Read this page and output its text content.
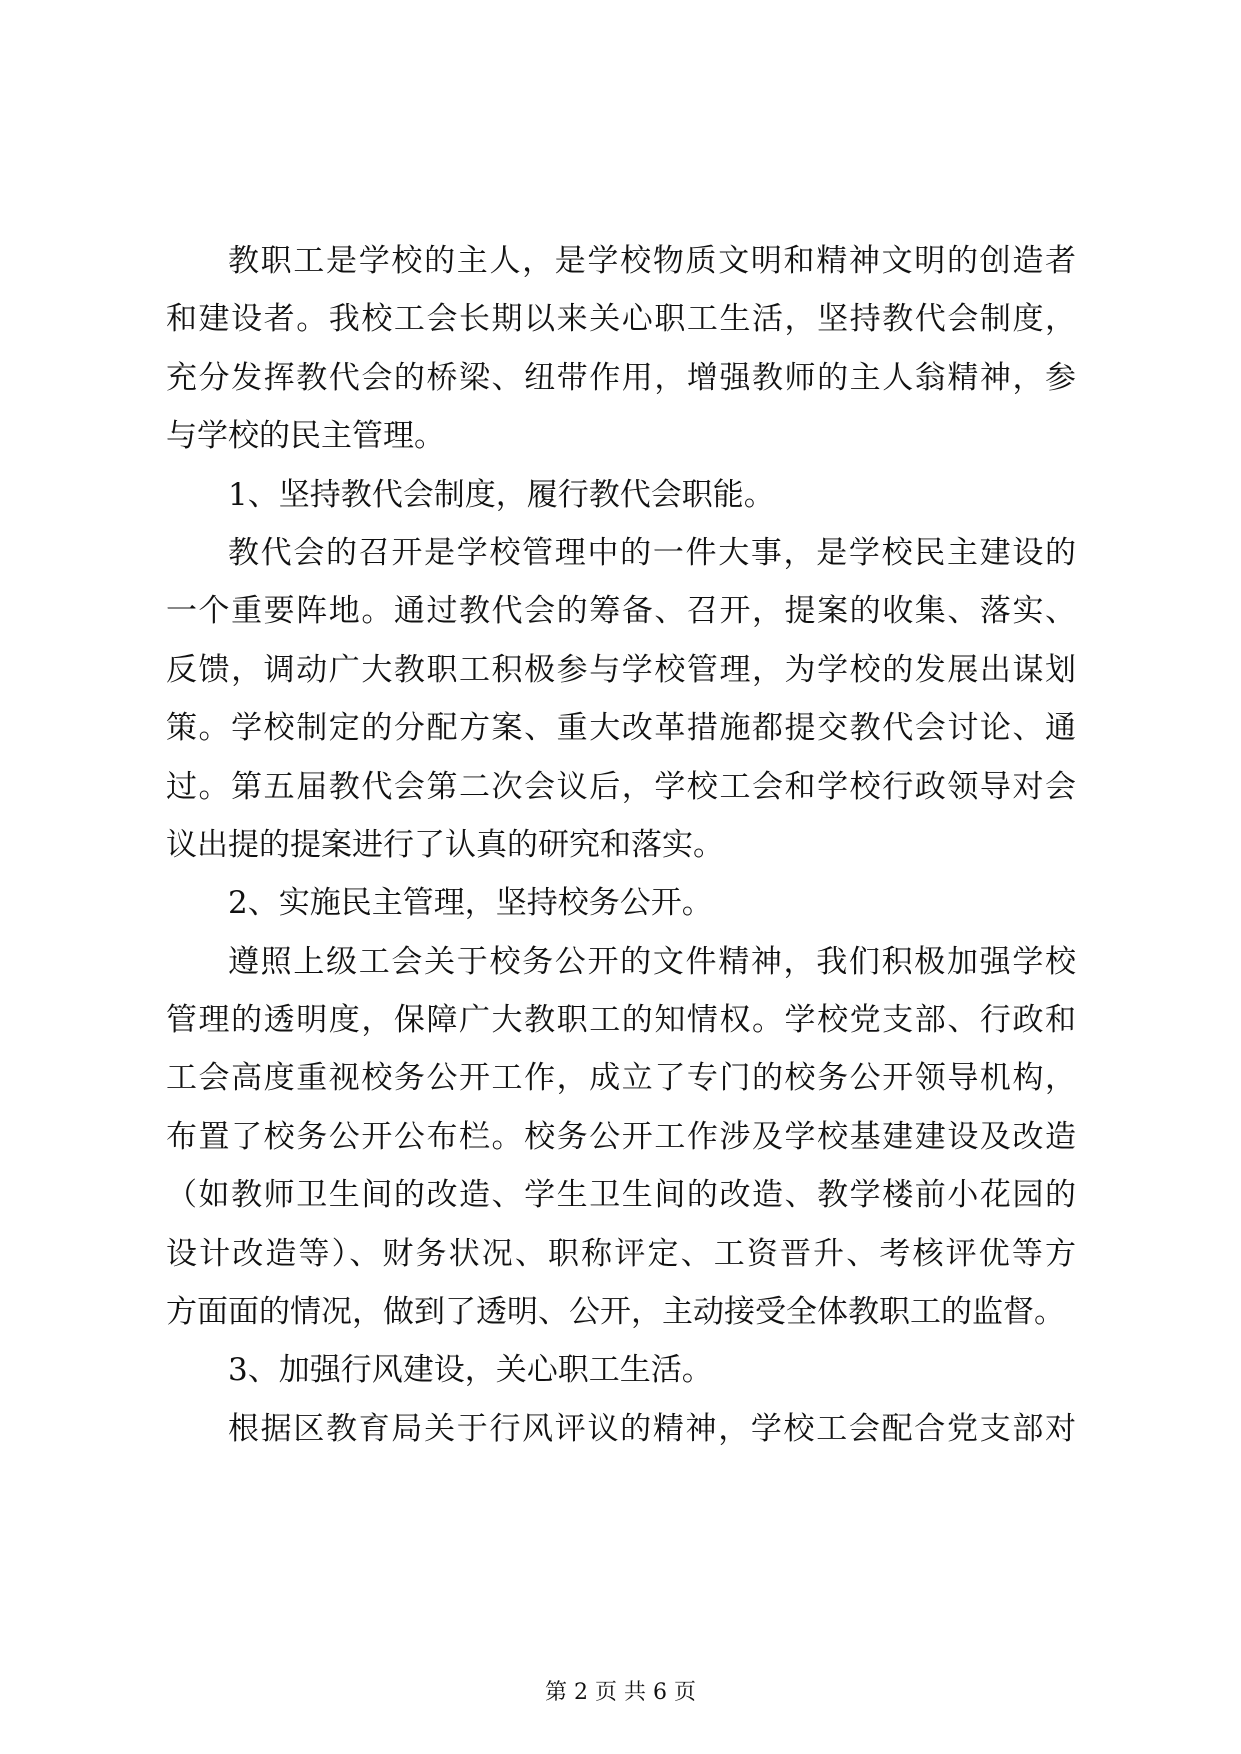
教职工是学校的主人，是学校物质文明和精神文明的创造者
和建设者。我校工会长期以来关心职工生活，坚持教代会制度，
充分发挥教代会的桥梁、纽带作用，增强教师的主人翁精神，参
与学校的民主管理。
1、坚持教代会制度，履行教代会职能。
教代会的召开是学校管理中的一件大事，是学校民主建设的
一个重要阵地。通过教代会的筹备、召开，提案的收集、落实、
反馈，调动广大教职工积极参与学校管理，为学校的发展出谋划
策。学校制定的分配方案、重大改革措施都提交教代会讨论、通
过。第五届教代会第二次会议后，学校工会和学校行政领导对会
议出提的提案进行了认真的研究和落实。
2、实施民主管理，坚持校务公开。
遵照上级工会关于校务公开的文件精神，我们积极加强学校
管理的透明度，保障广大教职工的知情权。学校党支部、行政和
工会高度重视校务公开工作，成立了专门的校务公开领导机构，
布置了校务公开公布栏。校务公开工作涉及学校基建建设及改造
（如教师卫生间的改造、学生卫生间的改造、教学楼前小花园的
设计改造等）、财务状况、职称评定、工资晋升、考核评优等方
方面面的情况，做到了透明、公开，主动接受全体教职工的监督。
3、加强行风建设，关心职工生活。
根据区教育局关于行风评议的精神，学校工会配合党支部对
第 2 页 共 6 页
